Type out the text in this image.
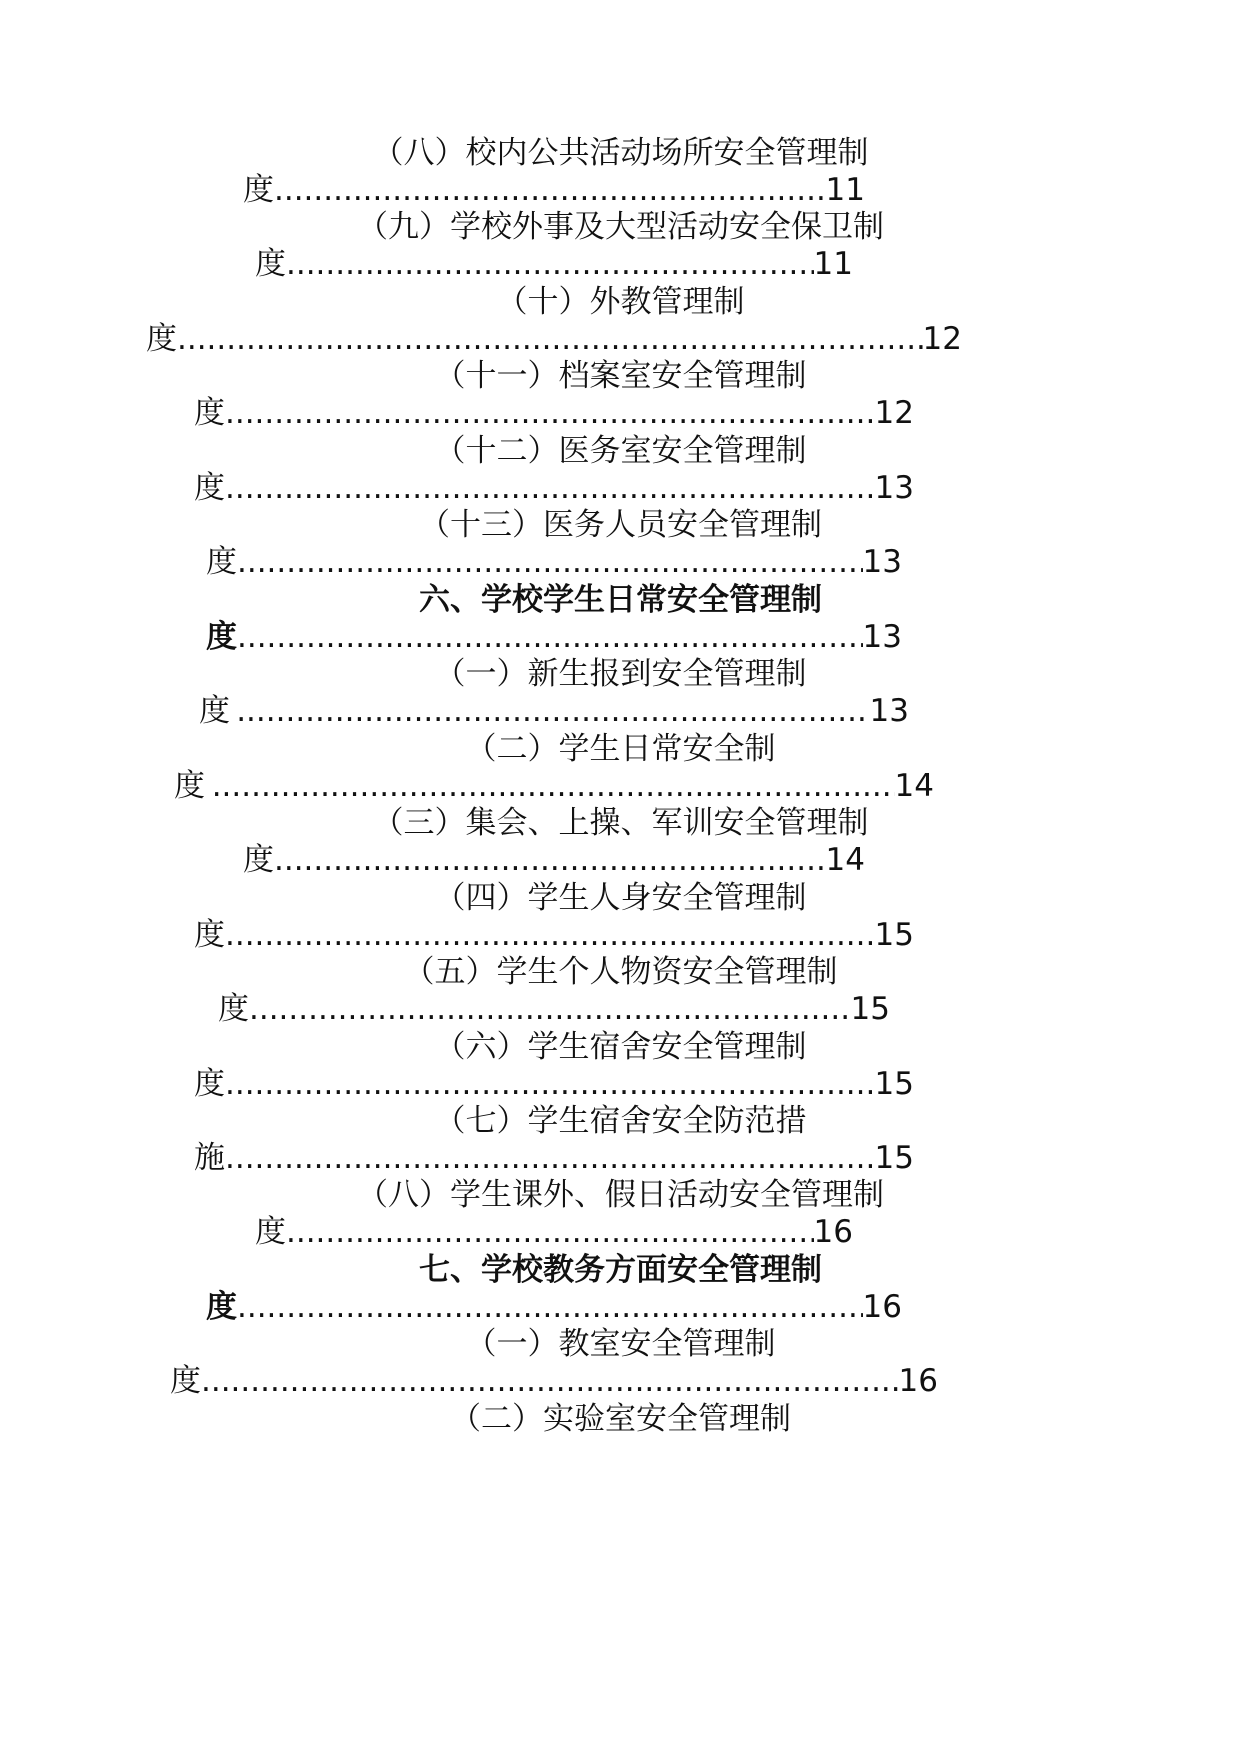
（八）校内公共活动场所安全管理制
度 .....	11
（九）学校外事及大型活动安全保卫制
度 .....	11
（十）外教管理制
度 .....	12
（十一）档案室安全管理制
度 .....	12
（十二）医务室安全管理制
度 .....	13
（十三）医务人员安全管理制
度 .....	13
六、学校学生日常安全管理制
度 .....	13
（一）新生报到安全管理制
度 .....	13
（二）学生日常安全制
度 .....	14
（三）集会、上操、军训安全管理制
度 .....	14
（四）学生人身安全管理制
度 .....	15
（五）学生个人物资安全管理制
度 .....	15
（六）学生宿舍安全管理制
度 .....	15
（七）学生宿舍安全防范措
施 .....	15
（八）学生课外、假日活动安全管理制
度 .....	16
七、学校教务方面安全管理制
度 .....	16
（一）教室安全管理制
度 .....	16
（二）实验室安全管理制
